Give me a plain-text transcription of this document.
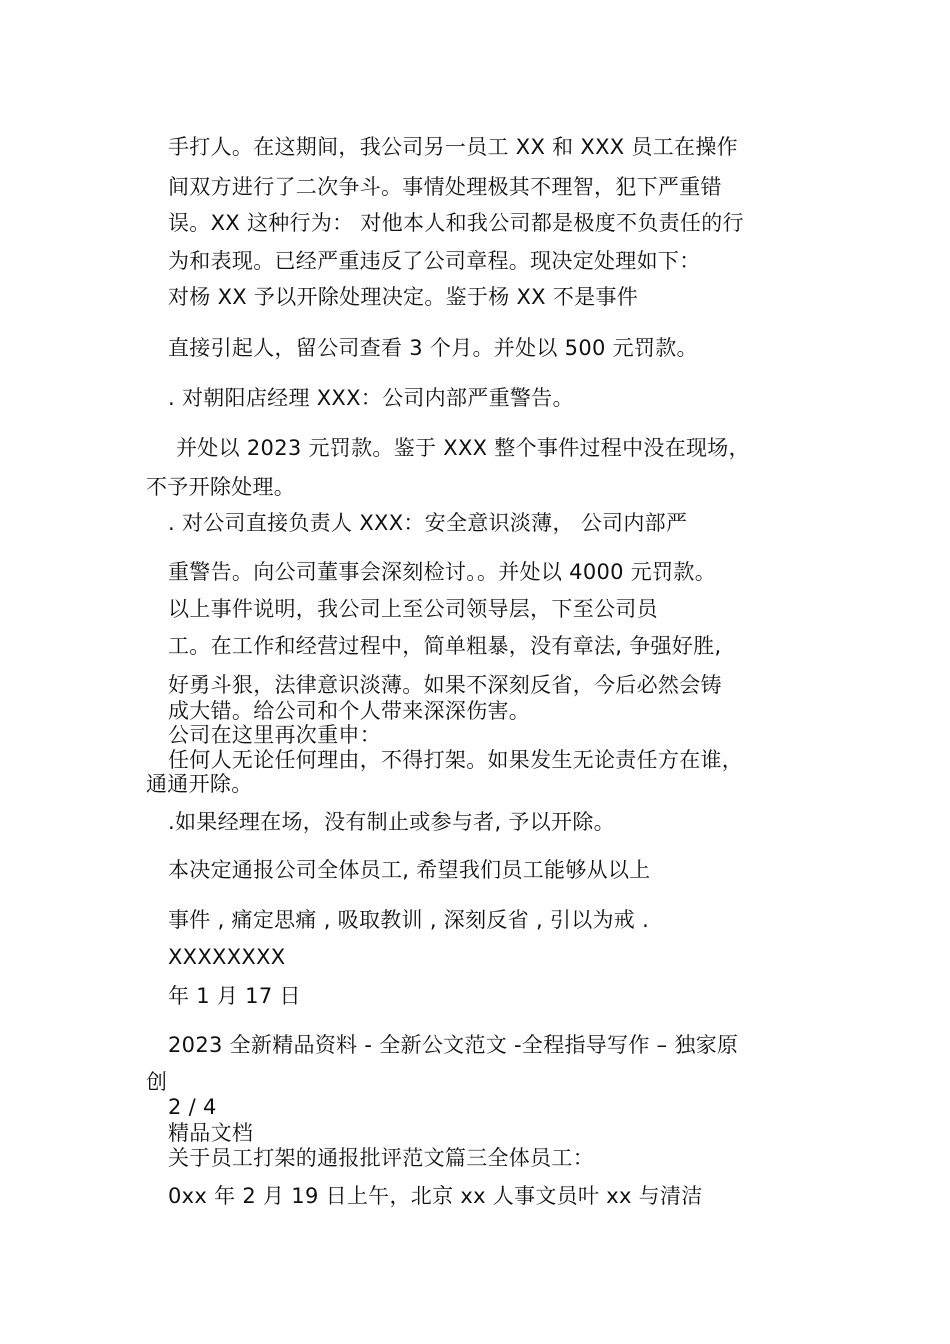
手打人。在这期间，我公司另一员工 XX 和 XXX 员工在操作
间双方进行了二次争斗。事情处理极其不理智，犯下严重错
误。XX 这种行为： 对他本人和我公司都是极度不负责任的行
为和表现。已经严重违反了公司章程。现决定处理如下：
对杨 XX 予以开除处理决定。鉴于杨 XX 不是事件
直接引起人，留公司查看 3 个月。并处以 500 元罚款。
. 对朝阳店经理 XXX：公司内部严重警告。
并处以 2023 元罚款。鉴于 XXX 整个事件过程中没在现场，
不予开除处理。
. 对公司直接负责人 XXX：安全意识淡薄， 公司内部严
重警告。向公司董事会深刻检讨。。并处以 4000 元罚款。
以上事件说明，我公司上至公司领导层，下至公司员
工。在工作和经营过程中，简单粗暴，没有章法, 争强好胜,
好勇斗狠，法律意识淡薄。如果不深刻反省，今后必然会铸
成大错。给公司和个人带来深深伤害。
公司在这里再次重申：
任何人无论任何理由，不得打架。如果发生无论责任方在谁，
通通开除。
.如果经理在场，没有制止或参与者, 予以开除。
本决定通报公司全体员工, 希望我们员工能够从以上
事件 , 痛定思痛 , 吸取教训 , 深刻反省 , 引以为戒 .
XXXXXXXX
年 1 月 17 日
2023 全新精品资料 - 全新公文范文 -全程指导写作 – 独家原
创
2 / 4
精品文档
关于员工打架的通报批评范文篇三全体员工：
0xx 年 2 月 19 日上午，北京 xx 人事文员叶 xx 与清洁
